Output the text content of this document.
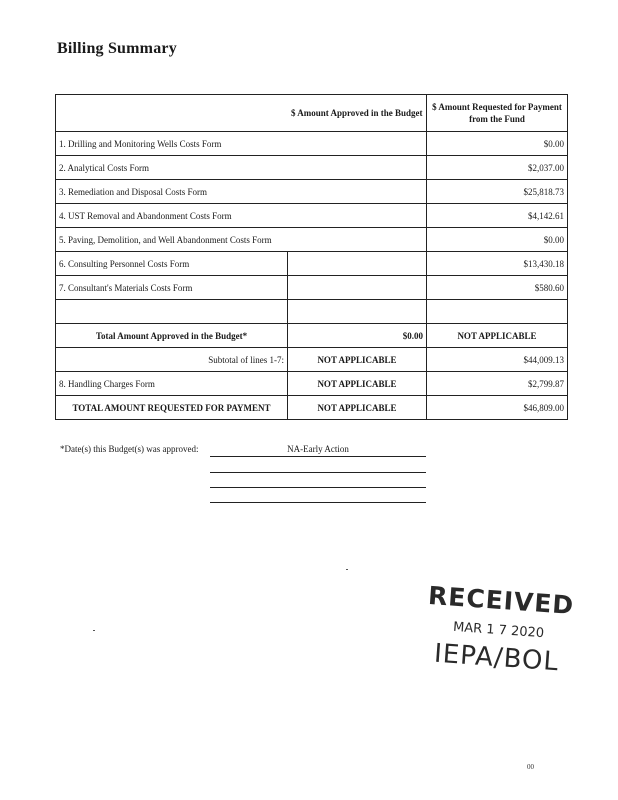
Billing Summary
	$ Amount Approved in the Budget	$ Amount Requested for Payment from the Fund
1. Drilling and Monitoring Wells Costs Form		$0.00
2. Analytical Costs Form		$2,037.00
3. Remediation and Disposal Costs Form		$25,818.73
4. UST Removal and Abandonment Costs Form		$4,142.61
5. Paving, Demolition, and Well Abandonment Costs Form		$0.00
6. Consulting Personnel Costs Form		$13,430.18
7. Consultant's Materials Costs Form		$580.60

Total Amount Approved in the Budget*	$0.00	NOT APPLICABLE
Subtotal of lines 1-7:	NOT APPLICABLE	$44,009.13
8. Handling Charges Form	NOT APPLICABLE	$2,799.87
TOTAL AMOUNT REQUESTED FOR PAYMENT	NOT APPLICABLE	$46,809.00
*Date(s) this Budget(s) was approved:	NA-Early Action
RECEIVED
MAR 1 7 2020
IEPA/BOL
00
